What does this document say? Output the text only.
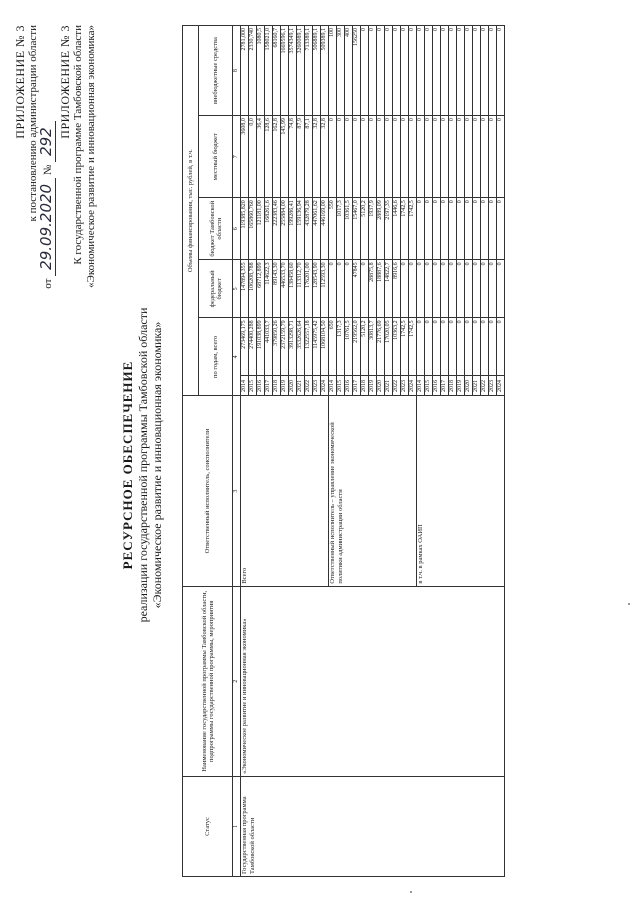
ПРИЛОЖЕНИЕ № 3 к постановлению администрации области
от 29.09.2020 № 292
ПРИЛОЖЕНИЕ № 3 К государственной программе Тамбовской области «Экономическое развитие и инновационная экономика»
РЕСУРСНОЕ ОБЕСПЕЧЕНИЕ реализации государственной программы Тамбовской области «Экономическое развитие и инновационная экономика»
Статус	Наименование государственной программы Тамбовской области, подпрограммы государственной программы, мероприятия	Ответственный исполнитель, соисполнители	Объемы финансирования, тыс. рублей, в т.ч.					
			по годам, всего		федеральный бюджет	бюджет Тамбовской области	местный бюджет	внебюджетные средства
1	2	3	4		5	6	7	8
Государственная программа Тамбовской области	«Экономическое развитие и инновационная экономика»	Всего	2014	273469,175	147894,355	119385,820	3608,0	2781,000
			2015	274400,288	106208,788	165860,760	0,0	2330,740
			2016	191038,899	68712,899	121181,00	36,4	1080,5
			2017	441033,7	114622,3	168261,6	128,6	158021,0
			2018	379850,26	89143,30	222383,46	162,8	68160,7
			2019	2372159,79	446533,70	255884,00	145,99	1669596,1
			2020	3913298,71	138458,60	199286,41	74,8	3574349,1
			2021	3532626,64	113312,70	159136,94	87,9	3260089,1
			2022	1322557,18	176201,00	432879,28	87,1	713389,1
			2023	1145975,42	128543,90	447061,62	32,8	506889,1
			2024	1068104,50	112593,30	446169,00	32,8	509389,1
		Ответственный исполнитель – управление экономической политики администрации области	2014	650	0	550	0	100
			2015	1317,3	0	1017,3	0	300
			2016	10761,5	0	10361,5	0	400
			2017	219562,0	47845	15467,0	0	156250
			2018	5120,2	0	5120,2	0	0
			2019	30813,7	28875,8	1937,9	0	0
			2020	21776,69	18887,6	2889,09	0	0
			2021	17020,05	14822,7	2197,35	0	0
			2022	10363,2	8916,6	1446,6	0	0
			2023	1742,5	0	1742,5	0	0
			2024	1742,5	0	1742,5	0	0
		в т.ч. в рамках ОАИП	2014	0	0	0	0	0
			2015	0	0	0	0	0
			2016	0	0	0	0	0
			2017	0	0	0	0	0
			2018	0	0	0	0	0
			2019	0	0	0	0	0
			2020	0	0	0	0	0
			2021	0	0	0	0	0
			2022	0	0	0	0	0
			2023	0	0	0	0	0
			2024	0	0	0	0	0
